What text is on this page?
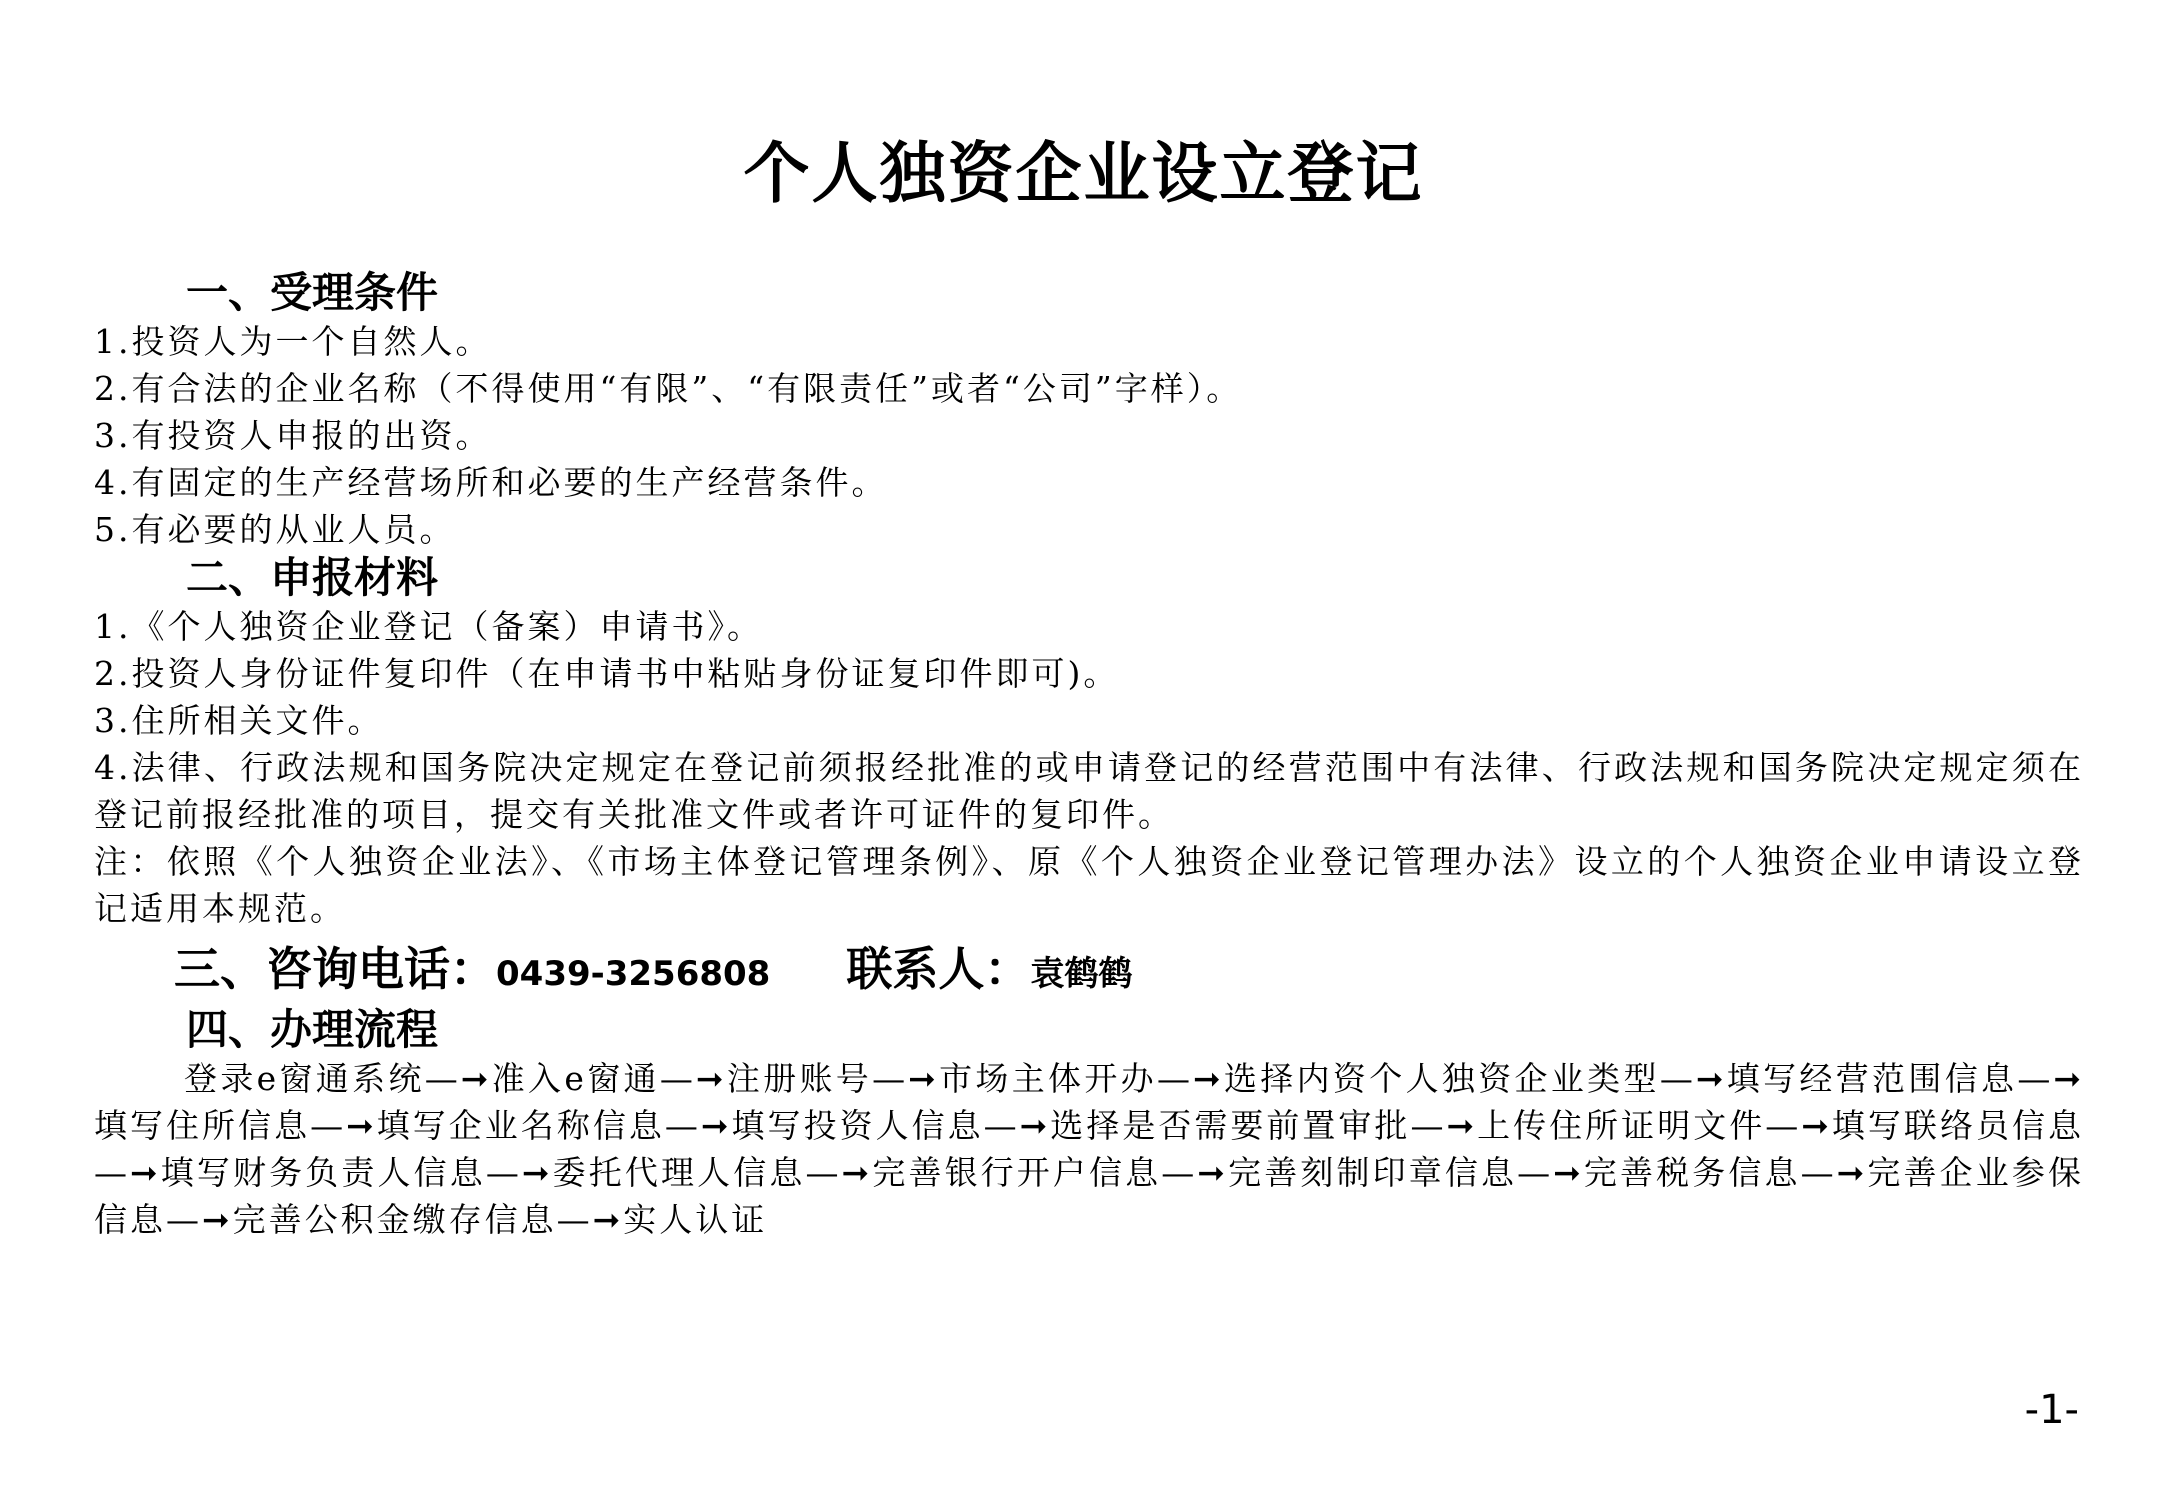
个人独资企业设立登记
一、受理条件
1.投资人为一个自然人。
2.有合法的企业名称（不得使用“有限”、“有限责任”或者“公司”字样）。
3.有投资人申报的出资。
4.有固定的生产经营场所和必要的生产经营条件。
5.有必要的从业人员。
二、申报材料
1.《个人独资企业登记（备案）申请书》。
2.投资人身份证件复印件（在申请书中粘贴身份证复印件即可)。
3.住所相关文件。
4.法律、行政法规和国务院决定规定在登记前须报经批准的或申请登记的经营范围中有法律、行政法规和国务院决定规定须在登记前报经批准的项目，提交有关批准文件或者许可证件的复印件。
注：依照《个人独资企业法》、《市场主体登记管理条例》、原《个人独资企业登记管理办法》设立的个人独资企业申请设立登记适用本规范。
三、咨询电话：0439-3256808 联系人：袁鹤鹤
四、办理流程
登录e窗通系统—➞准入e窗通—➞注册账号—➞市场主体开办—➞选择内资个人独资企业类型—➞填写经营范围信息—➞填写住所信息—➞填写企业名称信息—➞填写投资人信息—➞选择是否需要前置审批—➞上传住所证明文件—➞填写联络员信息—➞填写财务负责人信息—➞委托代理人信息—➞完善银行开户信息—➞完善刻制印章信息—➞完善税务信息—➞完善企业参保信息—➞完善公积金缴存信息—➞实人认证
-1-
